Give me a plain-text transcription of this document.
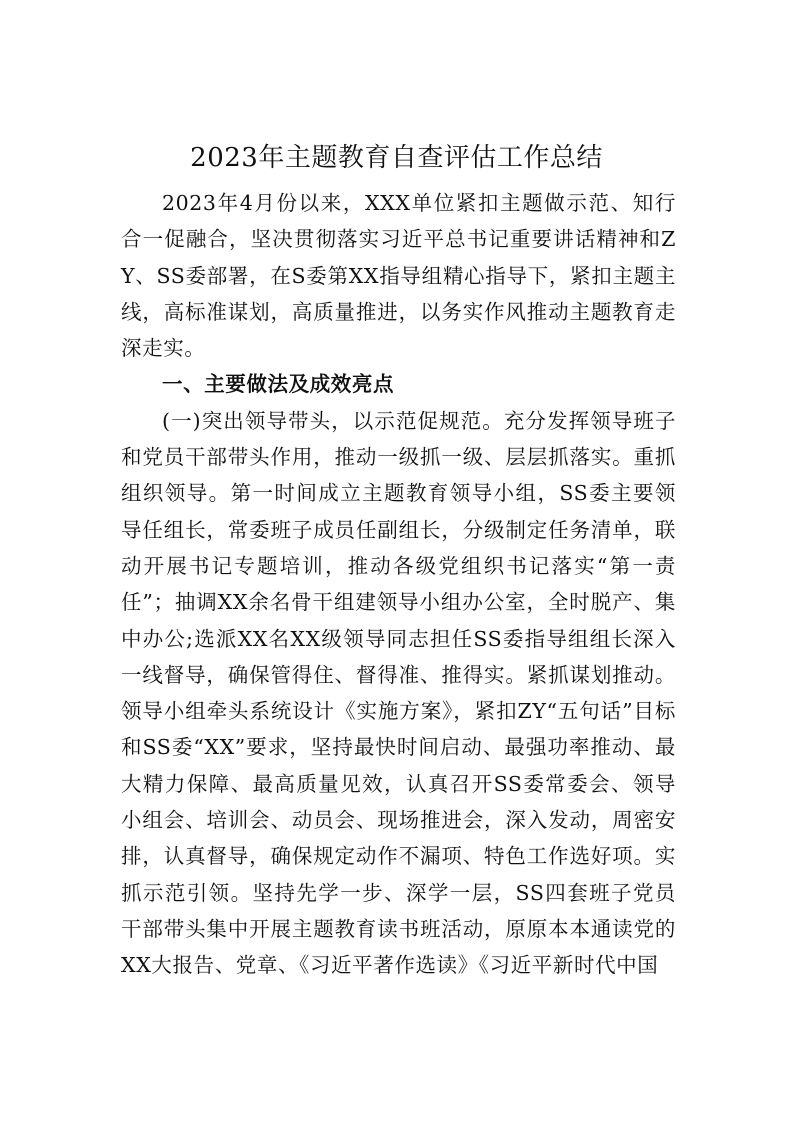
2023年主题教育自查评估工作总结

2023年4月份以来，XXX单位紧扣主题做示范、知行合一促融合，坚决贯彻落实习近平总书记重要讲话精神和ZY、SS委部署，在S委第XX指导组精心指导下，紧扣主题主线，高标准谋划，高质量推进，以务实作风推动主题教育走深走实。

一、主要做法及成效亮点

(一)突出领导带头，以示范促规范。充分发挥领导班子和党员干部带头作用，推动一级抓一级、层层抓落实。重抓组织领导。第一时间成立主题教育领导小组，SS委主要领导任组长，常委班子成员任副组长，分级制定任务清单，联动开展书记专题培训，推动各级党组织书记落实“第一责任”；抽调XX余名骨干组建领导小组办公室，全时脱产、集中办公;选派XX名XX级领导同志担任SS委指导组组长深入一线督导，确保管得住、督得准、推得实。紧抓谋划推动。领导小组牵头系统设计《实施方案》，紧扣ZY“五句话”目标和SS委“XX”要求，坚持最快时间启动、最强功率推动、最大精力保障、最高质量见效，认真召开SS委常委会、领导小组会、培训会、动员会、现场推进会，深入发动，周密安排，认真督导，确保规定动作不漏项、特色工作选好项。实抓示范引领。坚持先学一步、深学一层，SS四套班子党员干部带头集中开展主题教育读书班活动，原原本本通读党的XX大报告、党章、《习近平著作选读》《习近平新时代中国
